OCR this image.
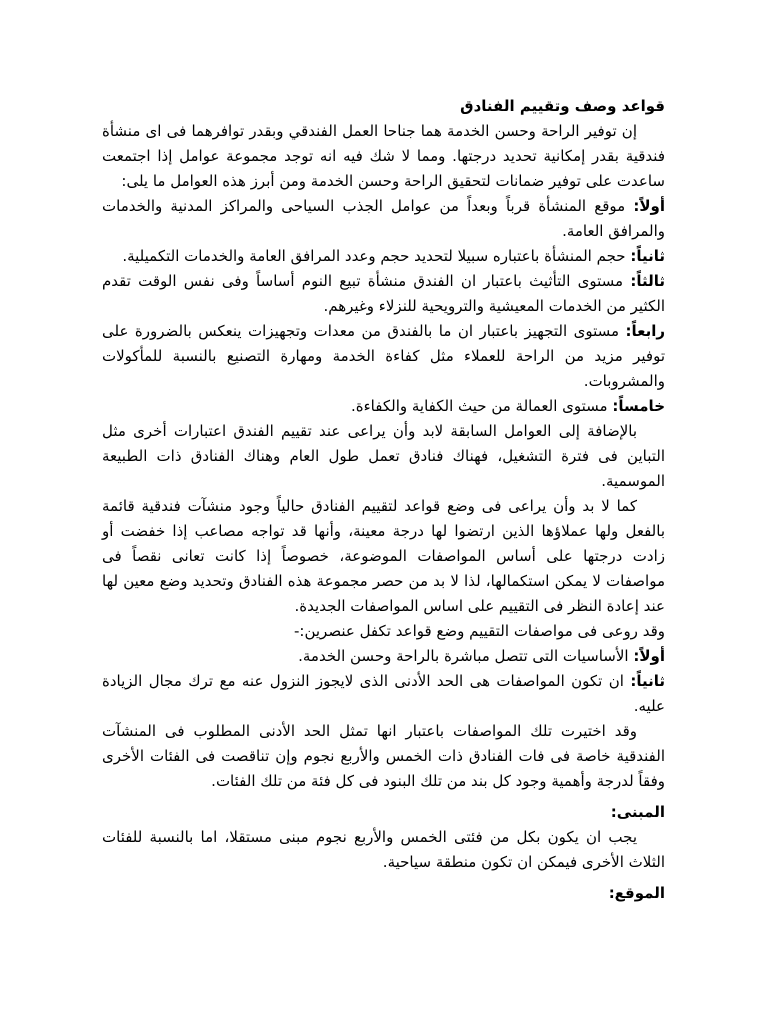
قواعد وصف وتقييم الفنادق

إن توفير الراحة وحسن الخدمة هما جناحا العمل الفندقي وبقدر توافرهما فى اى منشأة فندقية بقدر إمكانية تحديد درجتها. ومما لا شك فيه انه توجد مجموعة عوامل إذا اجتمعت ساعدت على توفير ضمانات لتحقيق الراحة وحسن الخدمة ومن أبرز هذه العوامل ما يلى:

أولاً: موقع المنشأة قرباً وبعداً من عوامل الجذب السياحى والمراكز المدنية والخدمات والمرافق العامة.

ثانياً: حجم المنشأة باعتباره سبيلا لتحديد حجم وعدد المرافق العامة والخدمات التكميلية.

ثالثاً: مستوى التأثيث باعتبار ان الفندق منشأة تبيع النوم أساساً وفى نفس الوقت تقدم الكثير من الخدمات المعيشية والترويحية للنزلاء وغيرهم.

رابعاً: مستوى التجهيز باعتبار ان ما بالفندق من معدات وتجهيزات ينعكس بالضرورة على توفير مزيد من الراحة للعملاء مثل كفاءة الخدمة ومهارة التصنيع بالنسبة للمأكولات والمشروبات.

خامساً: مستوى العمالة من حيث الكفاية والكفاءة.

بالإضافة إلى العوامل السابقة لابد وأن يراعى عند تقييم الفندق اعتبارات أخرى مثل التباين فى فترة التشغيل، فهناك فنادق تعمل طول العام وهناك الفنادق ذات الطبيعة الموسمية.

كما لا بد وأن يراعى فى وضع قواعد لتقييم الفنادق حالياً وجود منشآت فندقية قائمة بالفعل ولها عملاؤها الذين ارتضوا لها درجة معينة، وأنها قد تواجه مصاعب إذا خفضت أو زادت درجتها على أساس المواصفات الموضوعة، خصوصاً إذا كانت تعانى نقصاً فى مواصفات لا يمكن استكمالها، لذا لا بد من حصر مجموعة هذه الفنادق وتحديد وضع معين لها عند إعادة النظر فى التقييم على اساس المواصفات الجديدة.

وقد روعى فى مواصفات التقييم وضع قواعد تكفل عنصرين:-

أولاً: الأساسيات التى تتصل مباشرة بالراحة وحسن الخدمة.

ثانياً: ان تكون المواصفات هى الحد الأدنى الذى لايجوز النزول عنه مع ترك مجال الزيادة عليه.

وقد اختيرت تلك المواصفات باعتبار انها تمثل الحد الأدنى المطلوب فى المنشآت الفندقية خاصة فى فات الفنادق ذات الخمس والأربع نجوم وإن تناقصت فى الفئات الأخرى وفقاً لدرجة وأهمية وجود كل بند من تلك البنود فى كل فئة من تلك الفئات.

المبنى:

يجب ان يكون بكل من فئتى الخمس والأربع نجوم مبنى مستقلا، اما بالنسبة للفئات الثلاث الأخرى فيمكن ان تكون منطقة سياحية.

الموقع:
